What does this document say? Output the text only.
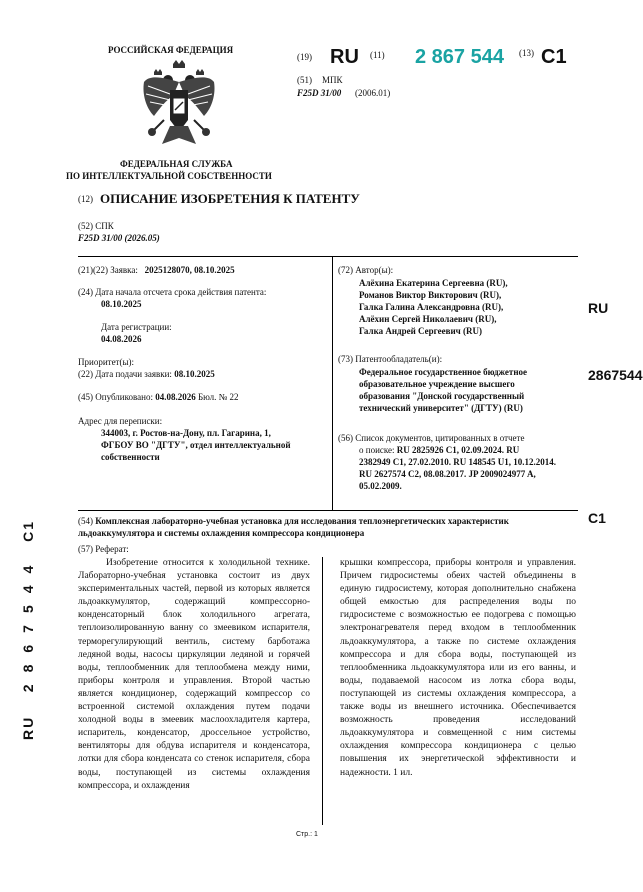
РОССИЙСКАЯ ФЕДЕРАЦИЯ
ФЕДЕРАЛЬНАЯ СЛУЖБА
ПО ИНТЕЛЛЕКТУАЛЬНОЙ СОБСТВЕННОСТИ
(19) RU (11) 2 867 544 (13) C1
(51) МПК
F25D 31/00 (2006.01)
(12) ОПИСАНИЕ ИЗОБРЕТЕНИЯ К ПАТЕНТУ
(52) СПК
F25D 31/00 (2026.05)
(21)(22) Заявка: 2025128070, 08.10.2025
(24) Дата начала отсчета срока действия патента:
08.10.2025
Дата регистрации:
04.08.2026
Приоритет(ы):
(22) Дата подачи заявки: 08.10.2025
(45) Опубликовано: 04.08.2026 Бюл. № 22
Адрес для переписки:
344003, г. Ростов-на-Дону, пл. Гагарина, 1,
ФГБОУ ВО "ДГТУ", отдел интеллектуальной
собственности
(72) Автор(ы):
Алёхина Екатерина Сергеевна (RU),
Романов Виктор Викторович (RU),
Галка Галина Александровна (RU),
Алёхин Сергей Николаевич (RU),
Галка Андрей Сергеевич (RU)
(73) Патентообладатель(и):
Федеральное государственное бюджетное
образовательное учреждение высшего
образования "Донской государственный
технический университет" (ДГТУ) (RU)
(56) Список документов, цитированных в отчете
о поиске: RU 2825926 C1, 02.09.2024. RU
2382949 C1, 27.02.2010. RU 148545 U1, 10.12.2014.
RU 2627574 C2, 08.08.2017. JP 2009024977 A,
05.02.2009.
RU
2867544
C1
RU    2867544  C1	(54) Комплексная лабораторно-учебная установка для исследования теплоэнергетических характеристик
льдоаккумулятора и системы охлаждения компрессора кондиционера
(57) Реферат:

Изобретение относится к холодильной технике. Лабораторно-учебная установка состоит из двух экспериментальных частей, первой из которых является льдоаккумулятор, содержащий компрессорно-конденсаторный блок холодильного агрегата, теплоизолированную ванну со змеевиком испарителя, терморегулирующий вентиль, систему барботажа ледяной воды, насосы циркуляции ледяной и горячей воды, теплообменник для теплообмена между ними, приборы контроля и управления. Второй частью является кондиционер, содержащий компрессор со встроенной системой охлаждения путем подачи холодной воды в змеевик маслоохладителя картера, испаритель, конденсатор, дроссельное устройство, вентиляторы для обдува испарителя и конденсатора, лотки для сбора конденсата со стенок испарителя, сбора воды, поступающей из системы охлаждения компрессора, и охлаждения

крышки компрессора, приборы контроля и управления. Причем гидросистемы обеих частей объединены в единую гидросистему, которая дополнительно снабжена общей емкостью для распределения воды по гидросистеме с возможностью ее подогрева с помощью электронагревателя перед входом в теплообменник льдоаккумулятора, а также по системе охлаждения компрессора и для сбора воды, поступающей из теплообменника льдоаккумулятора или из его ванны, и воды, подаваемой насосом из лотка сбора воды, поступающей из системы охлаждения компрессора, а также воды из внешнего источника. Обеспечивается возможность проведения исследований льдоаккумулятора и совмещенной с ним системы охлаждения компрессора кондиционера с целью повышения их энергетической эффективности и надежности. 1 ил.

Стр.: 1
